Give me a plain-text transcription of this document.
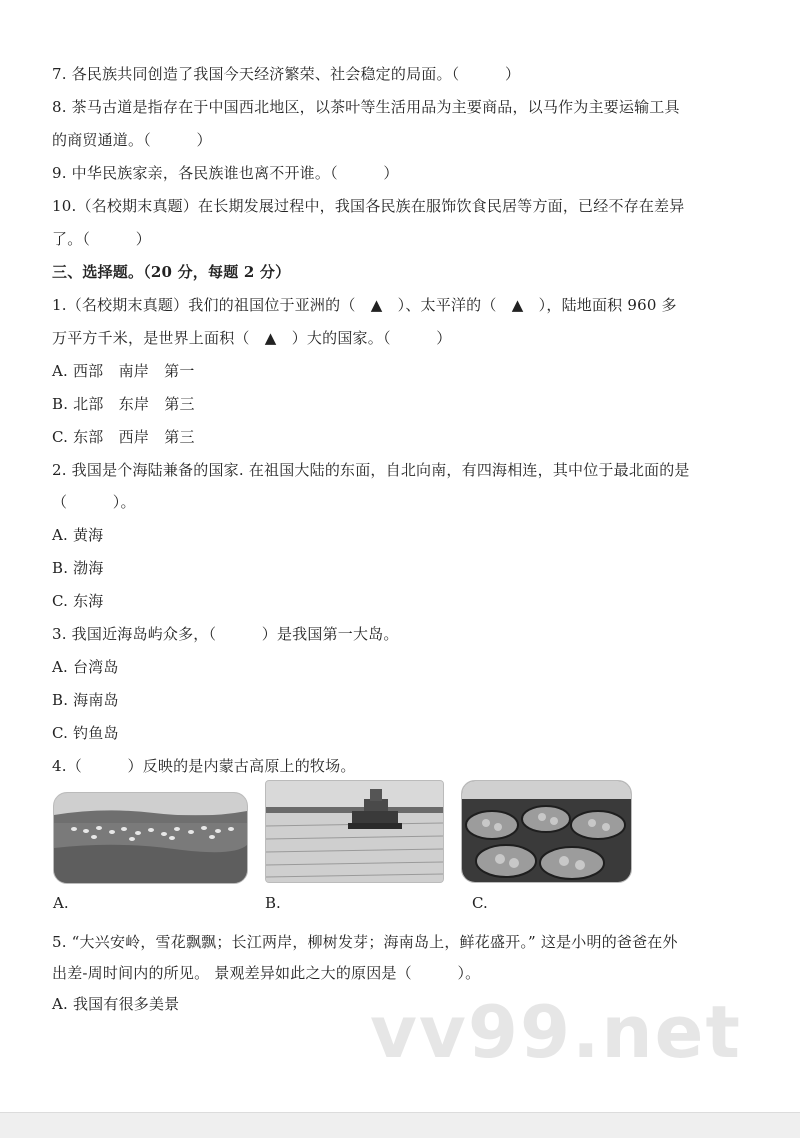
7. 各民族共同创造了我国今天经济繁荣、社会稳定的局面。（　　　）
8. 茶马古道是指存在于中国西北地区，以茶叶等生活用品为主要商品，以马作为主要运输工具
的商贸通道。（　　　）
9. 中华民族家亲，各民族谁也离不开谁。（　　　）
10.（名校期末真题）在长期发展过程中，我国各民族在服饰饮食民居等方面，已经不存在差异
了。（　　　）
三、选择题。（20 分，每题 2 分）
1.（名校期末真题）我们的祖国位于亚洲的（　▲　）、太平洋的（　▲　），陆地面积 960 多
万平方千米，是世界上面积（　▲　）大的国家。（　　　）
A. 西部　南岸　第一
B. 北部　东岸　第三
C. 东部　西岸　第三
2. 我国是个海陆兼备的国家. 在祖国大陆的东面，自北向南，有四海相连，其中位于最北面的是
（　　　）。
A. 黄海
B. 渤海
C. 东海
3. 我国近海岛屿众多，（　　　）是我国第一大岛。
A. 台湾岛
B. 海南岛
C. 钓鱼岛
4.（　　　）反映的是内蒙古高原上的牧场。
A.	B.	C.
5. “大兴安岭，雪花飘飘；长江两岸，柳树发芽；海南岛上，鲜花盛开。” 这是小明的爸爸在外
出差-周时间内的所见。 景观差异如此之大的原因是（　　　）。
A. 我国有很多美景	vv99.net
